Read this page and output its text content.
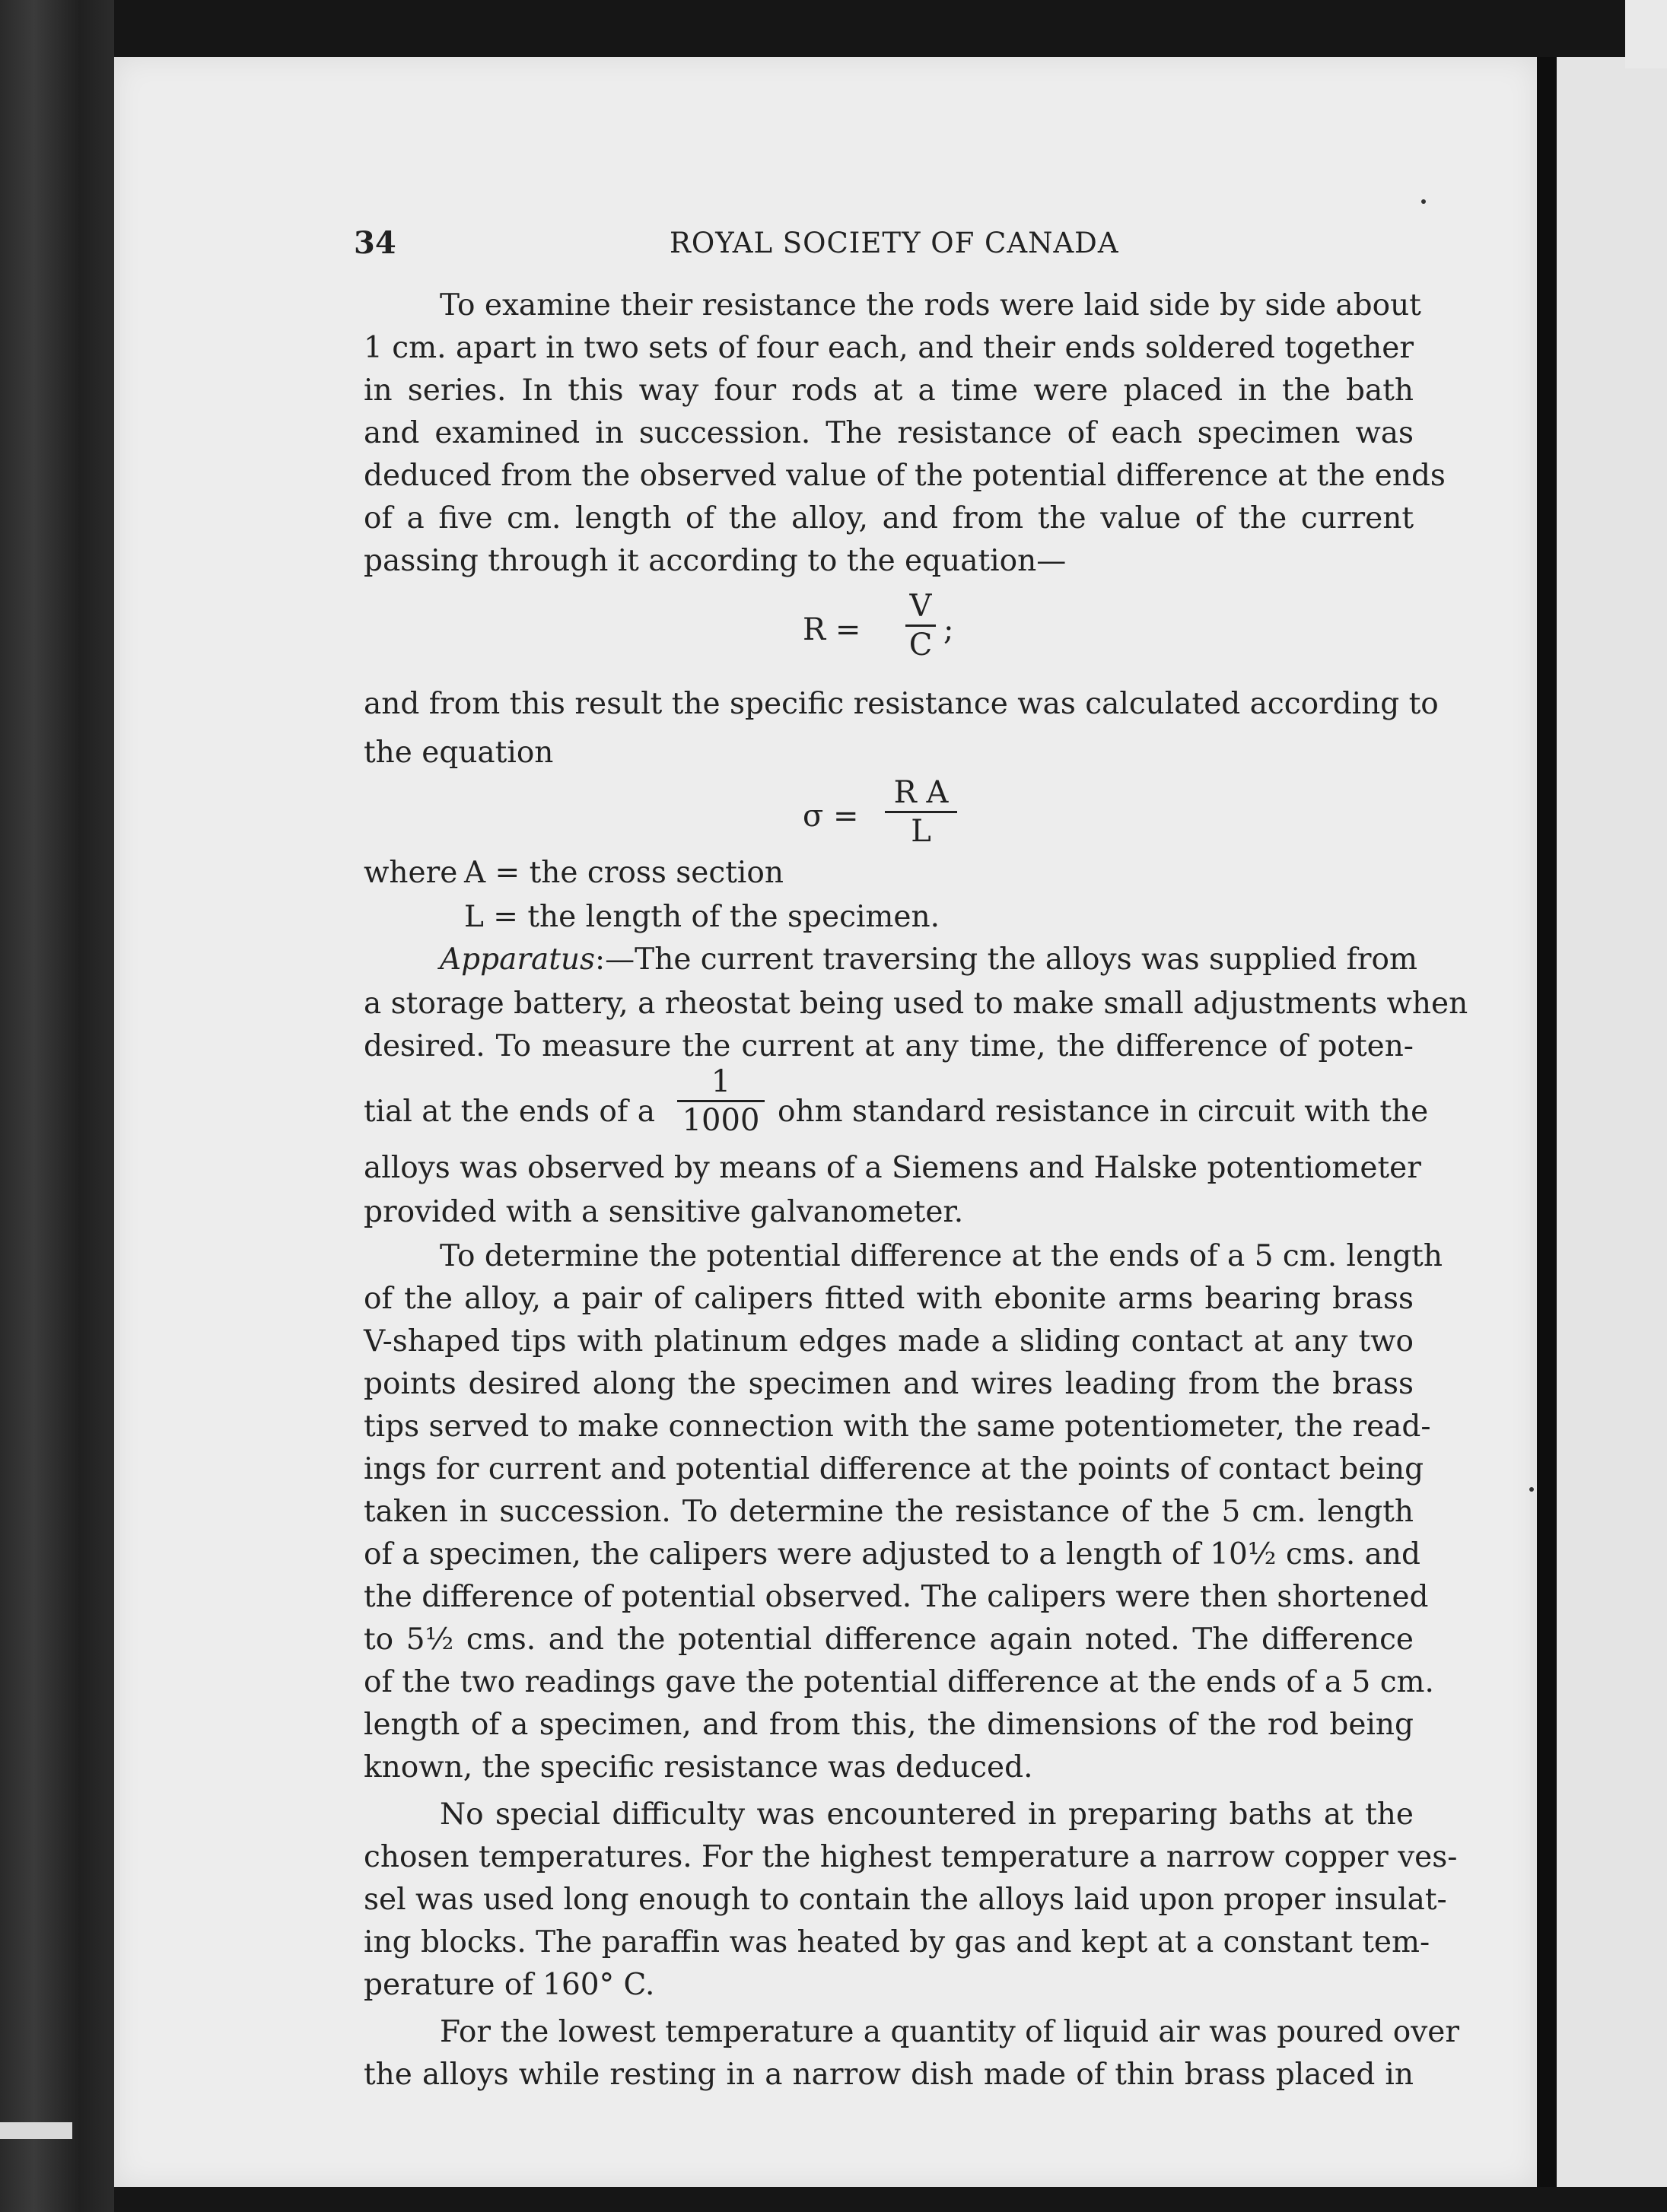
34	ROYAL SOCIETY OF CANADA
To examine their resistance the rods were laid side by side about
1 cm. apart in two sets of four each, and their ends soldered together
in series. In this way four rods at a time were placed in the bath
and examined in succession. The resistance of each specimen was
deduced from the observed value of the potential difference at the ends
of a five cm. length of the alloy, and from the value of the current
passing through it according to the equation—
R =
V
C ;
and from this result the specific resistance was calculated according to
the equation
σ =
R A
L
where A = the cross section
L = the length of the specimen.
Apparatus:—The current traversing the alloys was supplied from
a storage battery, a rheostat being used to make small adjustments when
desired. To measure the current at any time, the difference of poten-
tial at the ends of a
1
1000 ohm standard resistance in circuit with the
alloys was observed by means of a Siemens and Halske potentiometer
provided with a sensitive galvanometer.
To determine the potential difference at the ends of a 5 cm. length
of the alloy, a pair of calipers fitted with ebonite arms bearing brass
V-shaped tips with platinum edges made a sliding contact at any two
points desired along the specimen and wires leading from the brass
tips served to make connection with the same potentiometer, the read-
ings for current and potential difference at the points of contact being
taken in succession. To determine the resistance of the 5 cm. length
of a specimen, the calipers were adjusted to a length of 10½ cms. and
the difference of potential observed. The calipers were then shortened
to 5½ cms. and the potential difference again noted. The difference
of the two readings gave the potential difference at the ends of a 5 cm.
length of a specimen, and from this, the dimensions of the rod being
known, the specific resistance was deduced.
No special difficulty was encountered in preparing baths at the
chosen temperatures. For the highest temperature a narrow copper ves-
sel was used long enough to contain the alloys laid upon proper insulat-
ing blocks. The paraffin was heated by gas and kept at a constant tem-
perature of 160° C.
For the lowest temperature a quantity of liquid air was poured over
the alloys while resting in a narrow dish made of thin brass placed in
